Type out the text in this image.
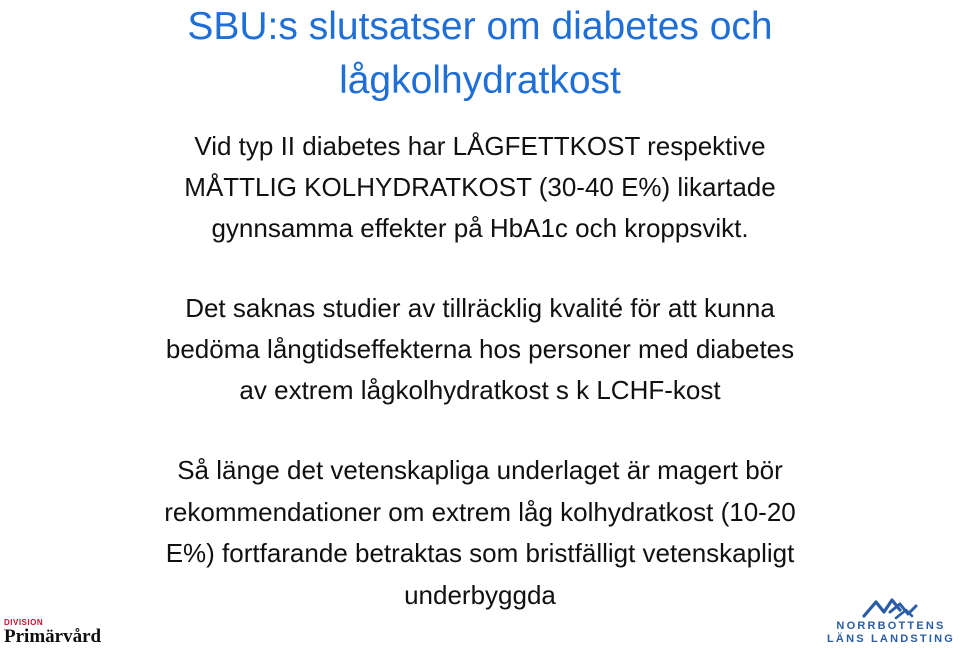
SBU:s slutsatser om diabetes och
lågkolhydratkost

Vid typ II diabetes har LÅGFETTKOST respektive

MÅTTLIG KOLHYDRATKOST (30-40 E%) likartade

gynnsamma effekter på HbA1c och kroppsvikt.

Det saknas studier av tillräcklig kvalité för att kunna

bedöma långtidseffekterna hos personer med diabetes

av extrem lågkolhydratkost s k LCHF-kost

Så länge det vetenskapliga underlaget är magert bör

rekommendationer om extrem låg kolhydratkost (10-20

E%) fortfarande betraktas som bristfälligt vetenskapligt

underbyggda

DIVISION
Primärvård	NORRBOTTENS
LÄNS LANDSTING
